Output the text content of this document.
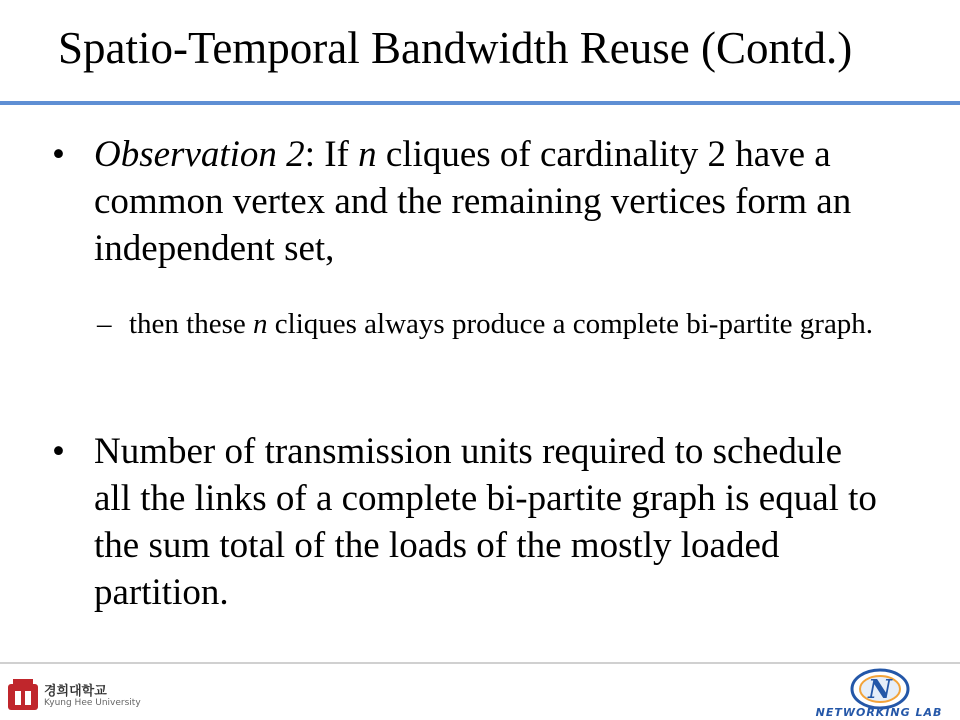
Spatio-Temporal Bandwidth Reuse (Contd.)
• Observation 2: If n cliques of cardinality 2 have a common vertex and the remaining vertices form an independent set,
– then these n cliques always produce a complete bi-partite graph.
• Number of transmission units required to schedule all the links of a complete bi-partite graph is equal to the sum total of the loads of the mostly loaded partition.
경희대학교
Kyung Hee University	N
NETWORKING LAB
